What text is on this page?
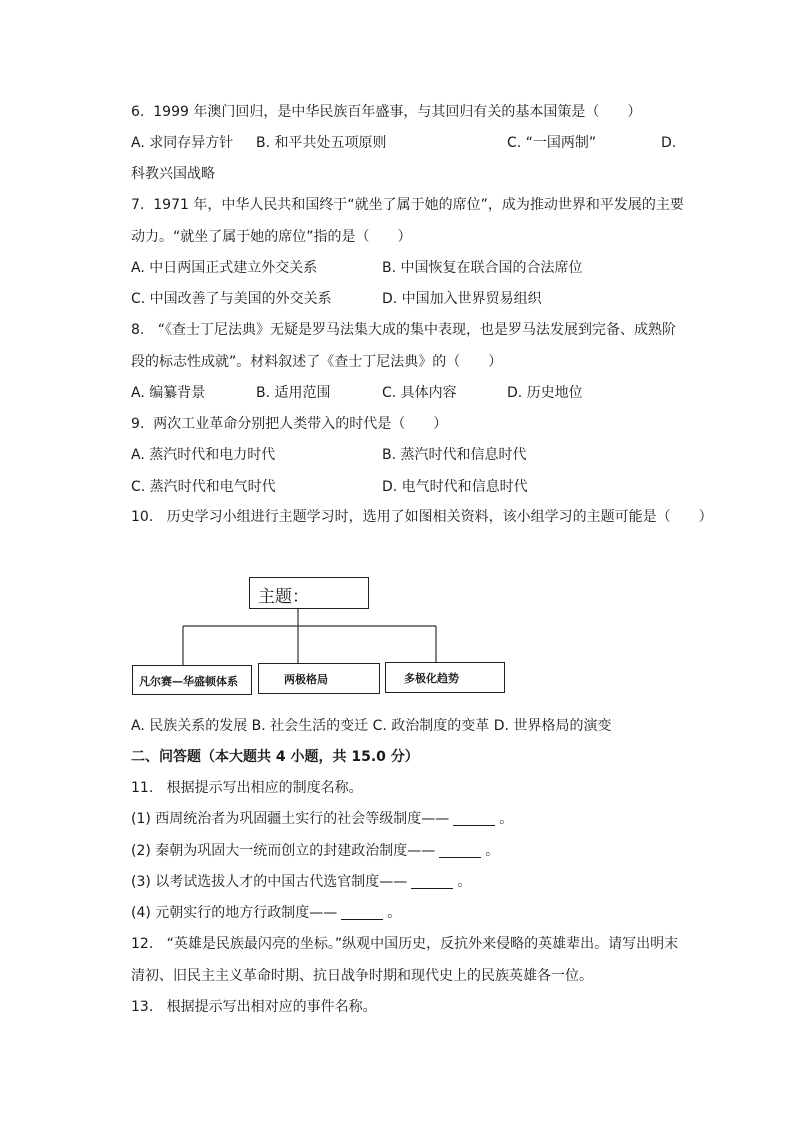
6.  1999 年澳门回归，是中华民族百年盛事，与其回归有关的基本国策是（　　）
A. 求同存异方针 B. 和平共处五项原则	C. “一国两制”	D.
科教兴国战略
7.  1971 年，中华人民共和国终于“就坐了属于她的席位”，成为推动世界和平发展的主要
动力。“就坐了属于她的席位”指的是（　　）
A. 中日两国正式建立外交关系	B. 中国恢复在联合国的合法席位
C. 中国改善了与美国的外交关系	D. 中国加入世界贸易组织
8.   “《查士丁尼法典》无疑是罗马法集大成的集中表现，也是罗马法发展到完备、成熟阶
段的标志性成就”。材料叙述了《查士丁尼法典》的（　　）
A. 编纂背景	B. 适用范围	C. 具体内容	D. 历史地位
9.  两次工业革命分别把人类带入的时代是（　　）
A. 蒸汽时代和电力时代	B. 蒸汽时代和信息时代
C. 蒸汽时代和电气时代	D. 电气时代和信息时代
10.   历史学习小组进行主题学习时，选用了如图相关资料，该小组学习的主题可能是（　　）
主题：
凡尔赛—华盛顿体系	两极格局	多极化趋势
A. 民族关系的发展 B. 社会生活的变迁 C. 政治制度的变革 D. 世界格局的演变
二、问答题（本大题共 4 小题，共 15.0 分）
11.   根据提示写出相应的制度名称。
(1) 西周统治者为巩固疆土实行的社会等级制度——	。
(2) 秦朝为巩固大一统而创立的封建政治制度——	。
(3) 以考试选拔人才的中国古代选官制度——	。
(4) 元朝实行的地方行政制度——	。
12.   “英雄是民族最闪亮的坐标。”纵观中国历史，反抗外来侵略的英雄辈出。请写出明末
清初、旧民主主义革命时期、抗日战争时期和现代史上的民族英雄各一位。
13.   根据提示写出相对应的事件名称。
